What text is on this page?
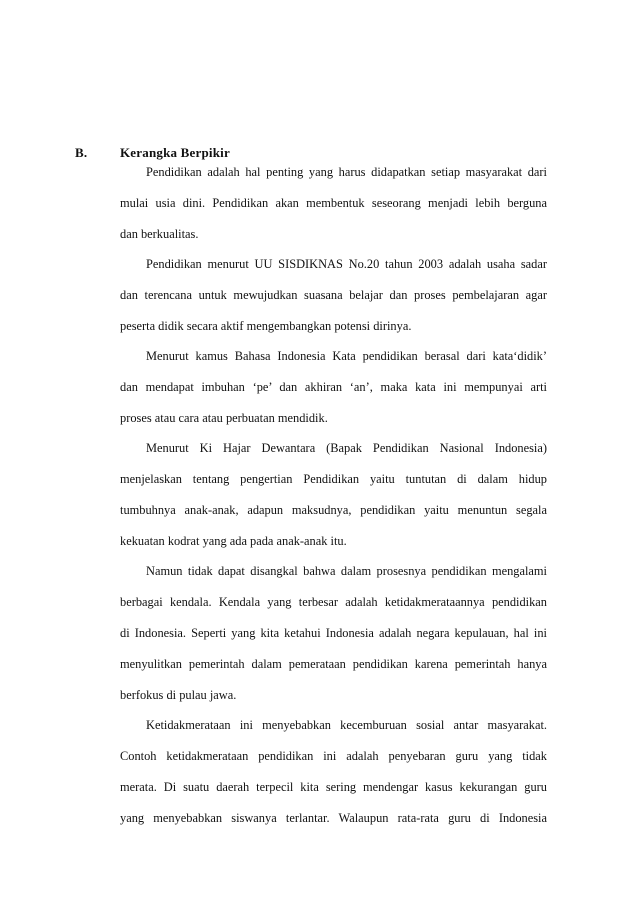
B.	Kerangka Berpikir
Pendidikan adalah hal penting yang harus didapatkan setiap masyarakat dari
mulai usia dini. Pendidikan akan membentuk seseorang menjadi lebih berguna
dan berkualitas.
Pendidikan menurut UU SISDIKNAS No.20 tahun 2003 adalah usaha sadar
dan terencana untuk mewujudkan suasana belajar dan proses pembelajaran agar
peserta didik secara aktif mengembangkan potensi dirinya.
Menurut kamus Bahasa Indonesia Kata pendidikan berasal dari kata‘didik’
dan mendapat imbuhan ‘pe’ dan akhiran ‘an’, maka kata ini mempunyai arti
proses atau cara atau perbuatan mendidik.
Menurut Ki Hajar Dewantara (Bapak Pendidikan Nasional Indonesia)
menjelaskan tentang pengertian Pendidikan yaitu tuntutan di dalam hidup
tumbuhnya anak-anak, adapun maksudnya, pendidikan yaitu menuntun segala
kekuatan kodrat yang ada pada anak-anak itu.
Namun tidak dapat disangkal bahwa dalam prosesnya pendidikan mengalami
berbagai kendala. Kendala yang terbesar adalah ketidakmerataannya pendidikan
di Indonesia. Seperti yang kita ketahui Indonesia adalah negara kepulauan, hal ini
menyulitkan pemerintah dalam pemerataan pendidikan karena pemerintah hanya
berfokus di pulau jawa.
Ketidakmerataan ini menyebabkan kecemburuan sosial antar masyarakat.
Contoh ketidakmerataan pendidikan ini adalah penyebaran guru yang tidak
merata. Di suatu daerah terpecil kita sering mendengar kasus kekurangan guru
yang menyebabkan siswanya terlantar. Walaupun rata-rata guru di Indonesia
